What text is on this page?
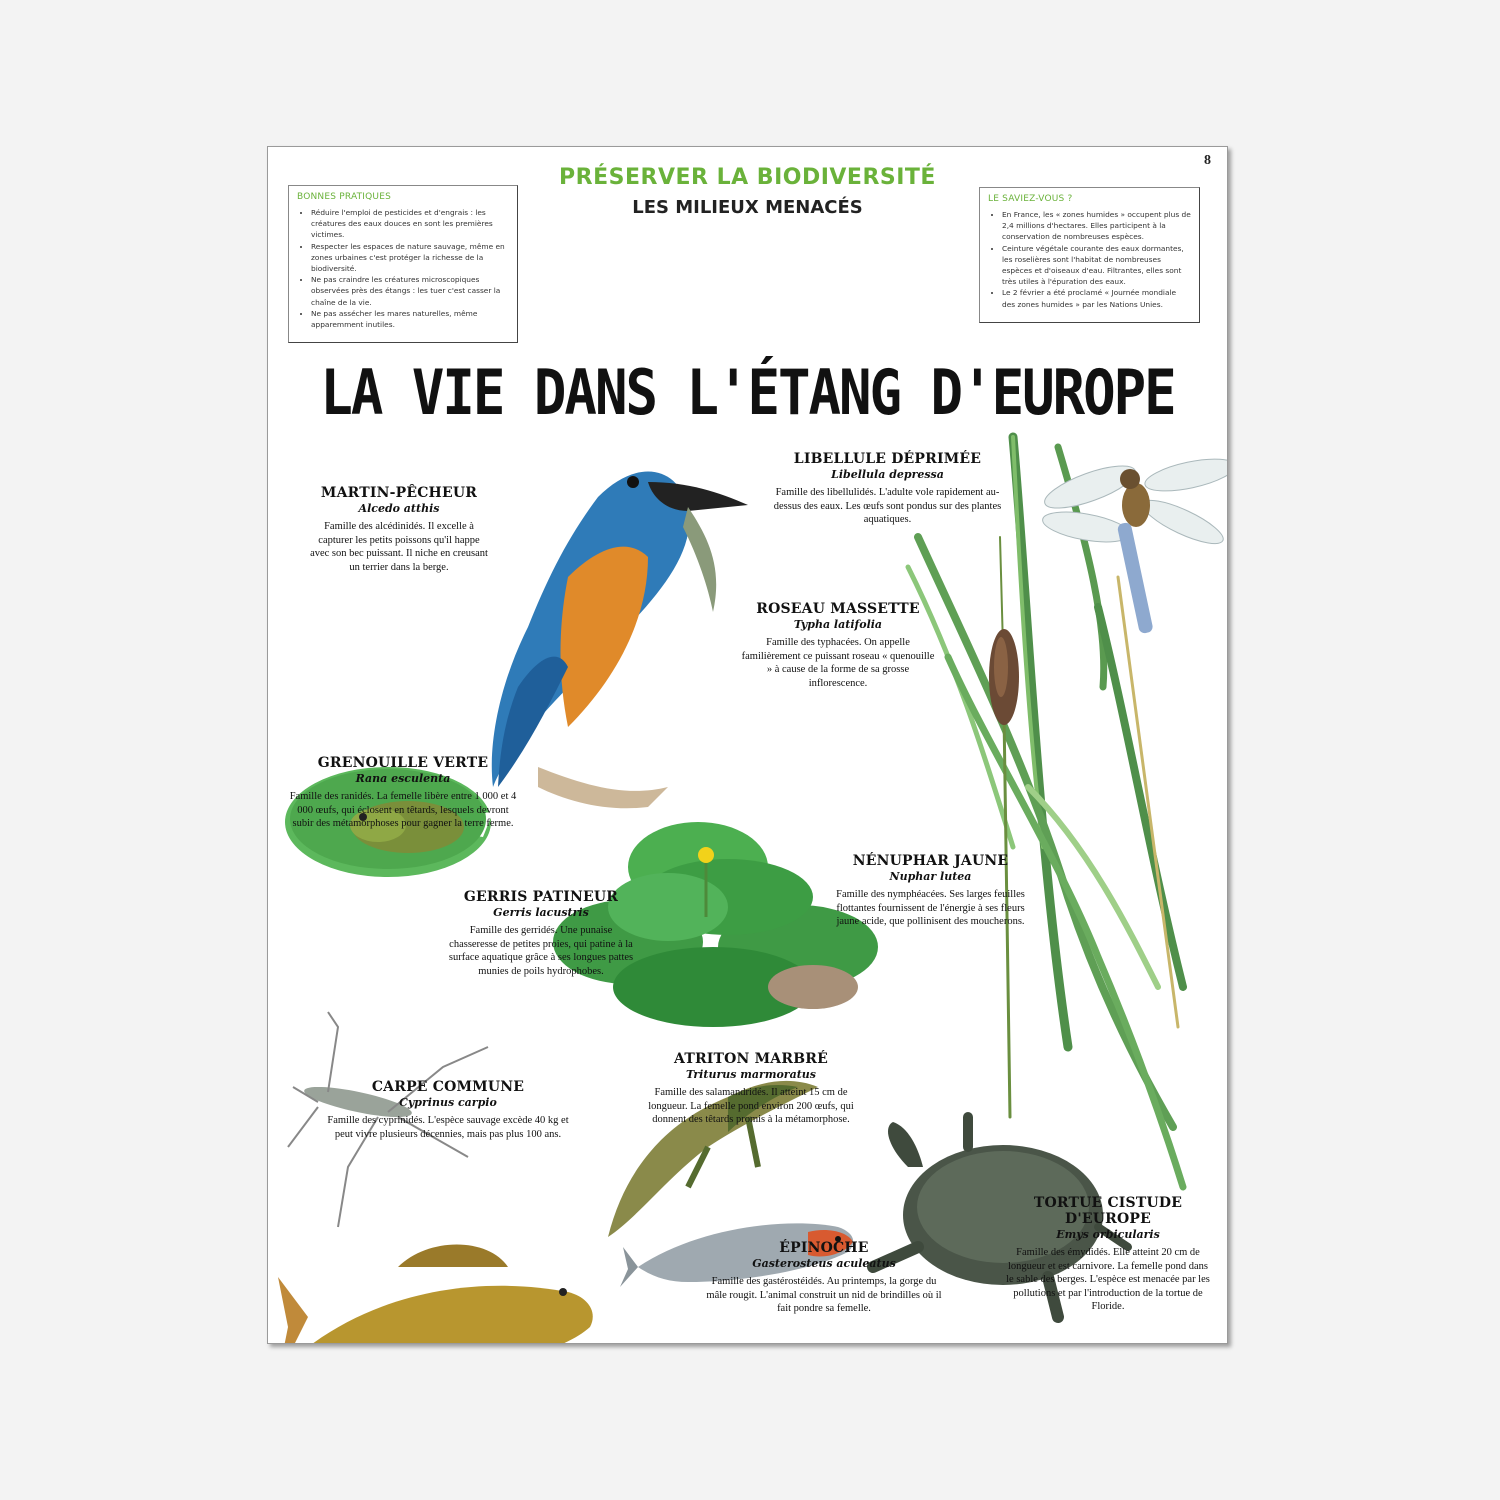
8
PRÉSERVER LA BIODIVERSITÉ
LES MILIEUX MENACÉS
BONNES PRATIQUES
• Réduire l'emploi de pesticides et d'engrais : les créatures des eaux douces en sont les premières victimes.
• Respecter les espaces de nature sauvage, même en zones urbaines c'est protéger la richesse de la biodiversité.
• Ne pas craindre les créatures microscopiques observées près des étangs : les tuer c'est casser la chaîne de la vie.
• Ne pas assécher les mares naturelles, même apparemment inutiles.
LE SAVIEZ-VOUS ?
• En France, les « zones humides » occupent plus de 2,4 millions d'hectares. Elles participent à la conservation de nombreuses espèces.
• Ceinture végétale courante des eaux dormantes, les roselières sont l'habitat de nombreuses espèces et d'oiseaux d'eau. Filtrantes, elles sont très utiles à l'épuration des eaux.
• Le 2 février a été proclamé « Journée mondiale des zones humides » par les Nations Unies.
LA VIE DANS L'ÉTANG D'EUROPE
MARTIN-PÊCHEUR
Alcedo atthis
Famille des alcédinidés. Il excelle à capturer les petits poissons qu'il happe avec son bec puissant. Il niche en creusant un terrier dans la berge.
LIBELLULE DÉPRIMÉE
Libellula depressa
Famille des libellulidés. L'adulte vole rapidement au-dessus des eaux. Les œufs sont pondus sur des plantes aquatiques.
ROSEAU MASSETTE
Typha latifolia
Famille des typhacées. On appelle familièrement ce puissant roseau « quenouille » à cause de la forme de sa grosse inflorescence.
GRENOUILLE VERTE
Rana esculenta
Famille des ranidés. La femelle libère entre 1 000 et 4 000 œufs, qui éclosent en têtards, lesquels devront subir des métamorphoses pour gagner la terre ferme.
NÉNUPHAR JAUNE
Nuphar lutea
Famille des nymphéacées. Ses larges feuilles flottantes fournissent de l'énergie à ses fleurs jaune acide, que pollinisent des moucherons.
GERRIS PATINEUR
Gerris lacustris
Famille des gerridés. Une punaise chasseresse de petites proies, qui patine à la surface aquatique grâce à ses longues pattes munies de poils hydrophobes.
ATRITON MARBRÉ
Triturus marmoratus
Famille des salamandridés. Il atteint 15 cm de longueur. La femelle pond environ 200 œufs, qui donnent des têtards promis à la métamorphose.
CARPE COMMUNE
Cyprinus carpio
Famille des cyprinidés. L'espèce sauvage excède 40 kg et peut vivre plusieurs décennies, mais pas plus 100 ans.
ÉPINOCHE
Gasterosteus aculeatus
Famille des gastérostéidés. Au printemps, la gorge du mâle rougit. L'animal construit un nid de brindilles où il fait pondre sa femelle.
TORTUE CISTUDE D'EUROPE
Emys orbicularis
Famille des émydidés. Elle atteint 20 cm de longueur et est carnivore. La femelle pond dans le sable des berges. L'espèce est menacée par les pollutions et par l'introduction de la tortue de Floride.
